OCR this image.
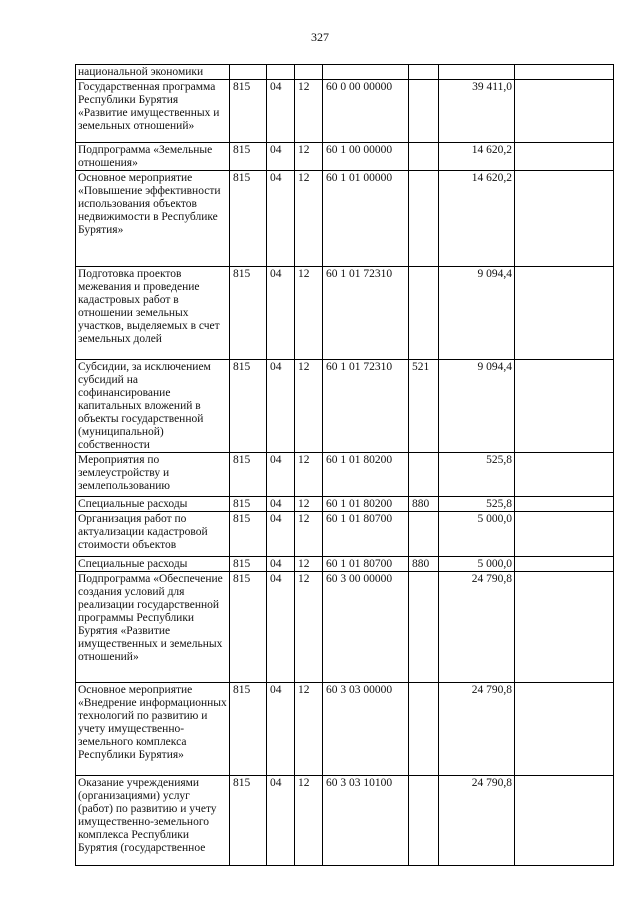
327
национальной экономики							
Государственная программа Республики Бурятия «Развитие имущественных и земельных отношений»	815	04	12	60 0 00 00000		39 411,0	
Подпрограмма «Земельные отношения»	815	04	12	60 1 00 00000		14 620,2	
Основное мероприятие «Повышение эффективности использования объектов недвижимости в Республике Бурятия»	815	04	12	60 1 01 00000		14 620,2	
Подготовка проектов межевания и проведение кадастровых работ в отношении земельных участков, выделяемых в счет земельных долей	815	04	12	60 1 01 72310		9 094,4	
Субсидии, за исключением субсидий на софинансирование капитальных вложений в объекты государственной (муниципальной) собственности	815	04	12	60 1 01 72310	521	9 094,4	
Мероприятия по землеустройству и землепользованию	815	04	12	60 1 01 80200		525,8	
Специальные расходы	815	04	12	60 1 01 80200	880	525,8	
Организация работ по актуализации кадастровой стоимости объектов	815	04	12	60 1 01 80700		5 000,0	
Специальные расходы	815	04	12	60 1 01 80700	880	5 000,0	
Подпрограмма «Обеспечение создания условий для реализации государственной программы Республики Бурятия «Развитие имущественных и земельных отношений»	815	04	12	60 3 00 00000		24 790,8	
Основное мероприятие «Внедрение информационных технологий по развитию и учету имущественно-земельного комплекса Республики Бурятия»	815	04	12	60 3 03 00000		24 790,8	
Оказание учреждениями (организациями) услуг (работ) по развитию и учету имущественно-земельного комплекса Республики Бурятия (государственное	815	04	12	60 3 03 10100		24 790,8	
